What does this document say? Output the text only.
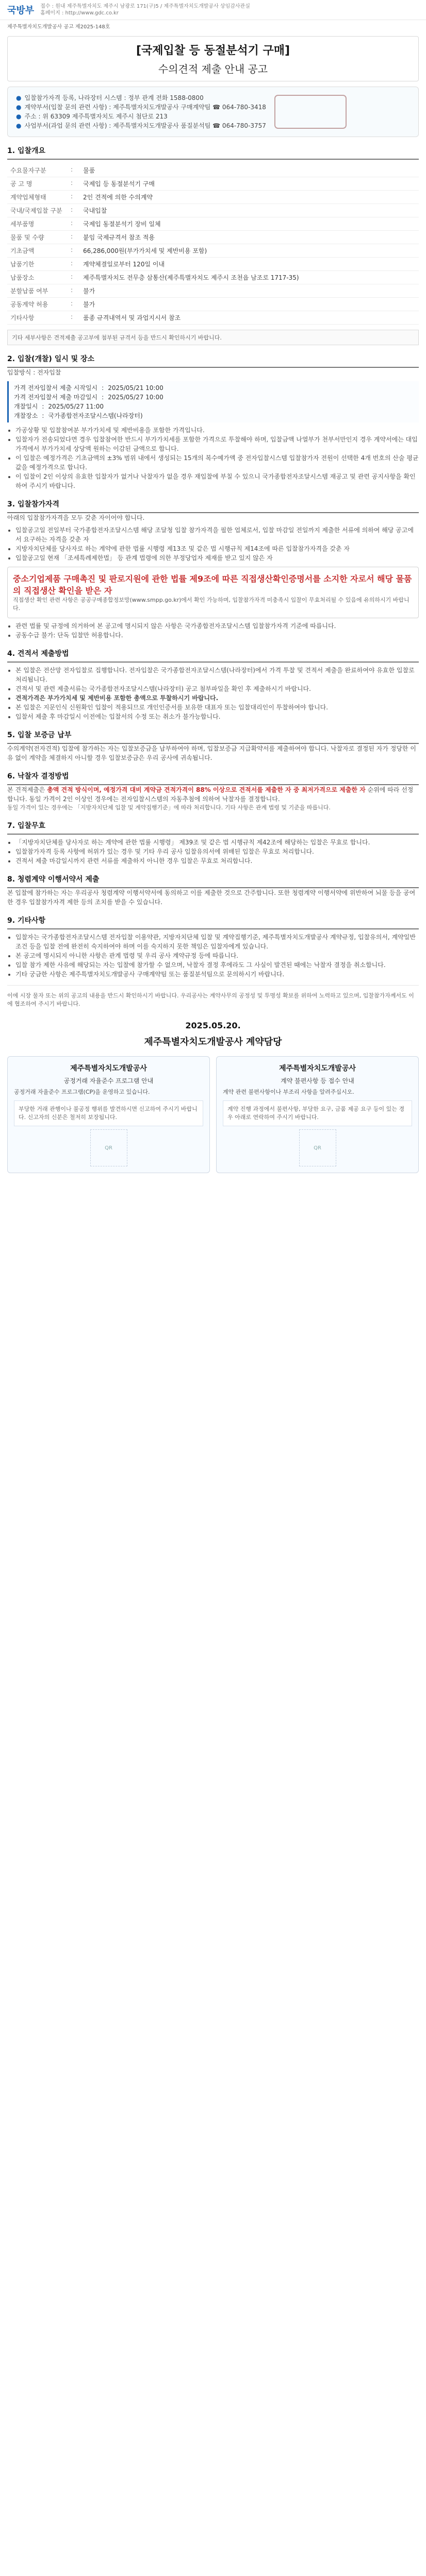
국방부 접수 : 원내 제주특별자치도 제주시 남광로 171(구)5 / 제주특별자치도개발공사 상임감사관실
홈페이지 : http://www.gdc.co.kr
제주특별자치도개발공사 공고 제2025-148호
[국제입찰 등 동절분석기 구매]
수의견적 제출 안내 공고
● 입찰참가자격 등록, 나라장터 시스템 : 정부 관계 전화 1588-0800
● 계약부서(입찰 문의 관련 사항) : 제주특별자치도개발공사 구매계약팀 ☎ 064-780-3418
● 주소 : 위 63309 제주특별자치도 제주시 첨단로 213
● 사업부서(과업 문의 관련 사항) : 제주특별자치도개발공사 품질분석팀 ☎ 064-780-3757
1. 입찰개요
수요물자구분	:	물품
공 고 명	:	국제입 등 동절분석기 구매
계약업체형태	:	2인 견적에 의한 수의계약
국내/국제입찰 구분	:	국내입찰
세부품명	:	국제입 동절분석기 장비 일체
물품 및 수량	:	붙임 국제규격서 참조 적용
기초금액	:	66,286,000원(부가가치세 및 제반비용 포함)
납품기한	:	계약체결일로부터 120일 이내
납품장소	:	제주특별자치도 전무층 삼통산(제주특별자치도 제주시 조천읍 남조로 1717-35)
분할납품 여부	:	불가
공동계약 허용	:	불가
기타사항	:	품종 규격내역서 및 과업지시서 참조
기타 세부사항은 견적제출 공고부에 첨부된 규격서 등을 반드시 확인하시기 바랍니다.
2. 입찰(개찰) 일시 및 장소
입찰방식 : 전자입찰
가격 전자입찰서 제출 시작일시 : 2025/05/21 10:00
가격 전자입찰서 제출 마감일시 : 2025/05/27 10:00
개찰일시 : 2025/05/27 11:00
개찰장소 : 국가종합전자조달시스템(나라장터)
• 가공상황 및 입찰참여분 부가가치세 및 제반비용을 포함한 가격입니다.
• 입찰자가 전송되었다면 경우 입찰참여한 반드시 부가가치세를 포함한 가격으로 투찰해야 하며, 입찰금액 나열부가 천부서만인지 경우 계약서에는 대입가격에서 부가가치세 상당액 원하는 이감된 금액으로 합니다.
• 이 입찰은 예정가격은 기초금액의 ±3% 범위 내에서 생성되는 15개의 복수예가액 중 전자입찰시스템 입찰참가자 전원이 선택한 4개 번호의 산술 평균값을 예정가격으로 합니다.
• 이 입찰이 2인 이상의 유효한 입찰자가 없거나 낙찰자가 없을 경우 재입찰에 부칠 수 있으니 국가종합전자조달시스템 재공고 및 관련 공지사항을 확인하여 주시기 바랍니다.
3. 입찰참가자격
아래의 입찰참가자격을 모두 갖춘 자이어야 합니다.
• 입찰공고일 전일부터 국가종합전자조달시스템 해당 조달청 입찰 참가자격을 필한 업체로서, 입찰 마감일 전일까지 제출한 서류에 의하여 해당 공고에서 요구하는 자격을 갖춘 자
• 지방자치단체를 당사자로 하는 계약에 관한 법률 시행령 제13조 및 같은 법 시행규칙 제14조에 따른 입찰참가자격을 갖춘 자
• 입찰공고일 현재 「조세특례제한법」 등 관계 법령에 의한 부정당업자 제재를 받고 있지 않은 자
중소기업제품 구매촉진 및 판로지원에 관한 법률 제9조에 따른 직접생산확인증명서를 소지한 자로서 해당 물품의 직접생산 확인을 받은 자
직접생산 확인 관련 사항은 공공구매종합정보망(www.smpp.go.kr)에서 확인 가능하며, 입찰참가자격 미충족시 입찰이 무효처리될 수 있음에 유의하시기 바랍니다.
• 관련 법률 및 규정에 의거하여 본 공고에 명시되지 않은 사항은 국가종합전자조달시스템 입찰참가자격 기준에 따릅니다.
• 공동수급 불가: 단독 입찰만 허용합니다.
4. 견적서 제출방법
• 본 입찰은 전산망 전자입찰로 집행합니다. 전자입찰은 국가종합전자조달시스템(나라장터)에서 가격 투찰 및 견적서 제출을 완료하여야 유효한 입찰로 처리됩니다.
• 견적서 및 관련 제출서류는 국가종합전자조달시스템(나라장터) 공고 첨부파일을 확인 후 제출하시기 바랍니다.
• 견적가격은 부가가치세 및 제반비용 포함한 총액으로 투찰하시기 바랍니다.
• 본 입찰은 지문인식 신원확인 입찰이 적용되므로 개인인증서를 보유한 대표자 또는 입찰대리인이 투찰하여야 합니다.
• 입찰서 제출 후 마감일시 이전에는 입찰서의 수정 또는 취소가 불가능합니다.
5. 입찰 보증금 납부
수의계약(전자견적) 입찰에 참가하는 자는 입찰보증금을 납부하여야 하며, 입찰보증금 지급확약서를 제출하여야 합니다. 낙찰자로 결정된 자가 정당한 이유 없이 계약을 체결하지 아니할 경우 입찰보증금은 우리 공사에 귀속됩니다.
6. 낙찰자 결정방법
본 견적제출은 총액 견적 방식이며, 예정가격 대비 계약금 견적가격이 88% 이상으로 견적서를 제출한 자 중 최저가격으로 제출한 자 순위에 따라 선정합니다. 동일 가격이 2인 이상인 경우에는 전자입찰시스템의 자동추첨에 의하여 낙찰자를 결정합니다.
동일 가격이 있는 경우에는 「지방자치단체 입찰 및 계약집행기준」에 따라 처리합니다. 기타 사항은 관계 법령 및 기준을 따릅니다.
7. 입찰무효
• 「지방자치단체를 당사자로 하는 계약에 관한 법률 시행령」 제39조 및 같은 법 시행규칙 제42조에 해당하는 입찰은 무효로 합니다.
• 입찰참가자격 등록 사항에 허위가 있는 경우 및 기타 우리 공사 입찰유의서에 위배된 입찰은 무효로 처리합니다.
• 견적서 제출 마감일시까지 관련 서류를 제출하지 아니한 경우 입찰은 무효로 처리합니다.
8. 청렴계약 이행서약서 제출
본 입찰에 참가하는 자는 우리공사 청렴계약 이행서약서에 동의하고 이를 제출한 것으로 간주합니다. 또한 청렴계약 이행서약에 위반하여 뇌물 등을 공여한 경우 입찰참가자격 제한 등의 조치를 받을 수 있습니다.
9. 기타사항
• 입찰자는 국가종합전자조달시스템 전자입찰 이용약관, 지방자치단체 입찰 및 계약집행기준, 제주특별자치도개발공사 계약규정, 입찰유의서, 계약일반조건 등을 입찰 전에 완전히 숙지하여야 하며 이를 숙지하지 못한 책임은 입찰자에게 있습니다.
• 본 공고에 명시되지 아니한 사항은 관계 법령 및 우리 공사 계약규정 등에 따릅니다.
• 입찰 참가 제한 사유에 해당되는 자는 입찰에 참가할 수 없으며, 낙찰자 결정 후에라도 그 사실이 발견된 때에는 낙찰자 결정을 취소합니다.
• 기타 궁금한 사항은 제주특별자치도개발공사 구매계약팀 또는 품질분석팀으로 문의하시기 바랍니다.
이에 시장 물자 또는 위의 공고의 내용을 반드시 확인하시기 바랍니다. 우리공사는 계약사무의 공정성 및 투명성 확보를 위하여 노력하고 있으며, 입찰참가자께서도 이에 협조하여 주시기 바랍니다.
2025.05.20.
제주특별자치도개발공사 계약담당
제주특별자치도개발공사
공정거래 자율준수 프로그램 안내
공정거래 자율준수 프로그램(CP)을 운영하고 있습니다.
부당한 거래 관행이나 불공정 행위를 발견하시면 신고하여 주시기 바랍니다. 신고자의 신분은 철저히 보장됩니다.
QR
제주특별자치도개발공사
계약 불편사항 등 접수 안내
계약 관련 불편사항이나 부조리 사항을 알려주십시오.
계약 진행 과정에서 불편사항, 부당한 요구, 금품 제공 요구 등이 있는 경우 아래로 연락하여 주시기 바랍니다.
QR
